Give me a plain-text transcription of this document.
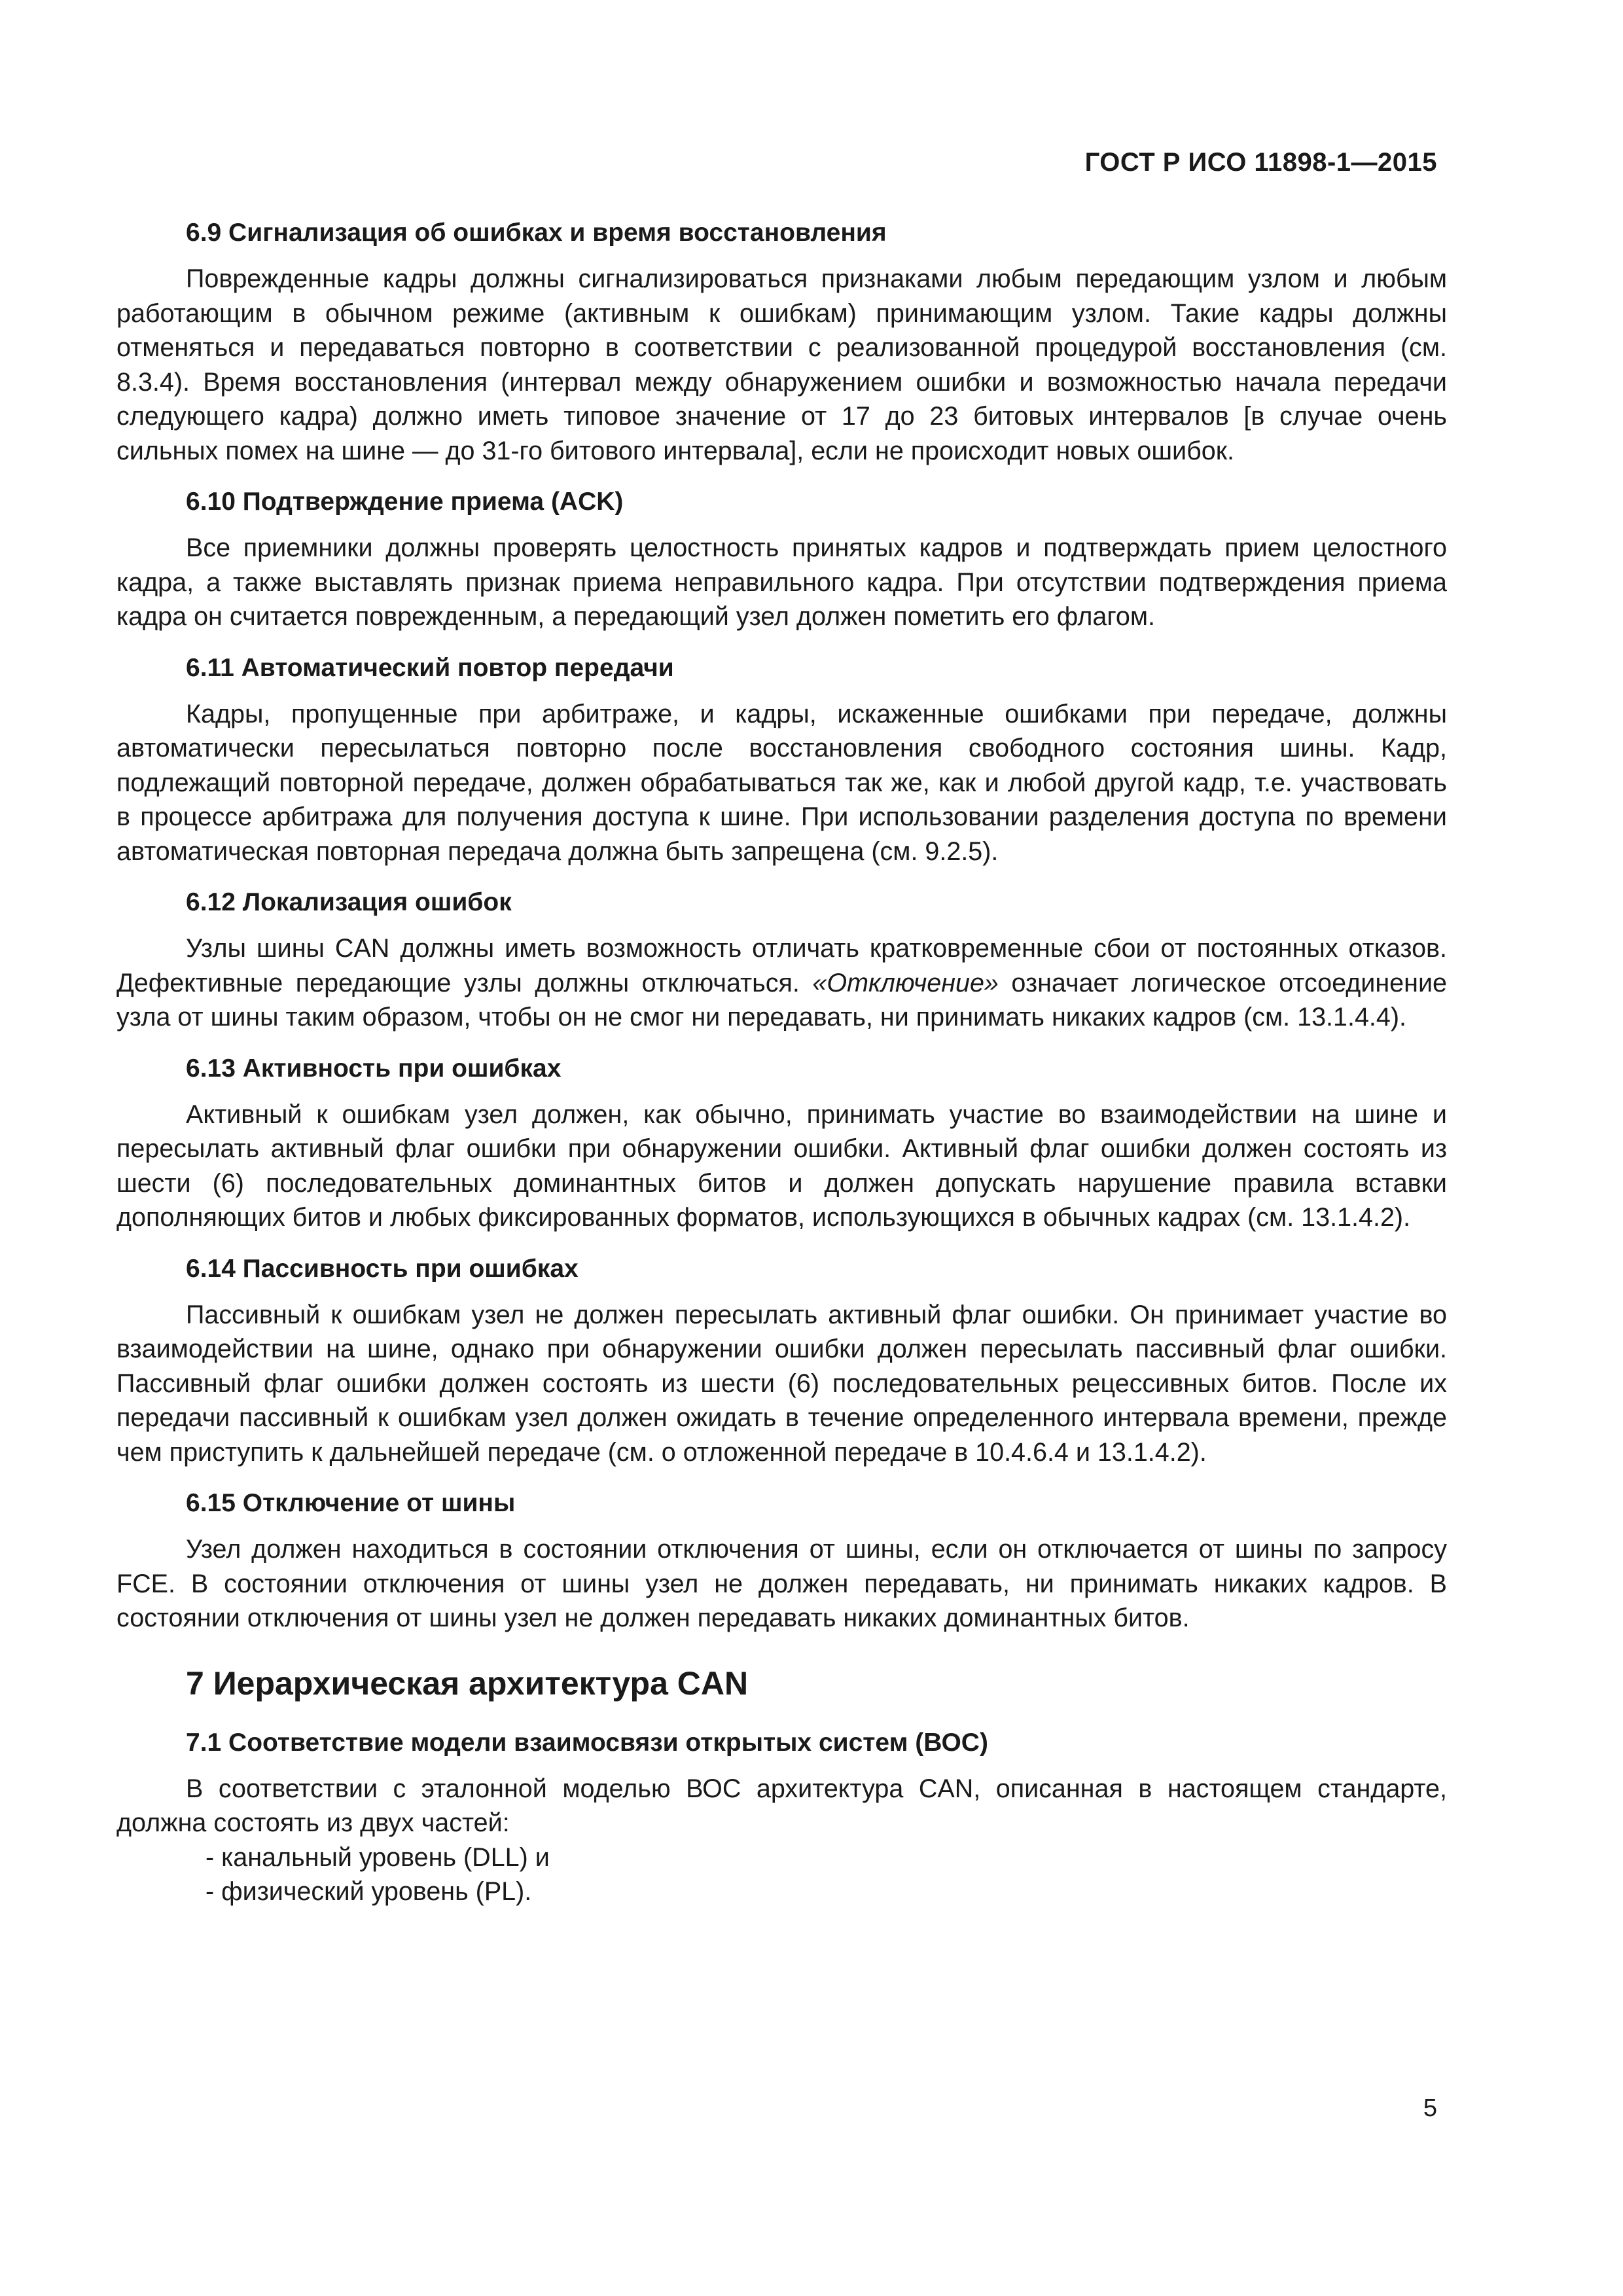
ГОСТ Р ИСО 11898-1—2015
6.9 Сигнализация об ошибках и время восстановления

Поврежденные кадры должны сигнализироваться признаками любым передающим узлом и любым работающим в обычном режиме (активным к ошибкам) принимающим узлом. Такие кадры должны отменяться и передаваться повторно в соответствии с реализованной процедурой восстановления (см. 8.3.4). Время восстановления (интервал между обнаружением ошибки и возможностью начала передачи следующего кадра) должно иметь типовое значение от 17 до 23 битовых интервалов [в случае очень сильных помех на шине — до 31-го битового интервала], если не происходит новых ошибок.

6.10 Подтверждение приема (ACK)

Все приемники должны проверять целостность принятых кадров и подтверждать прием целостного кадра, а также выставлять признак приема неправильного кадра. При отсутствии подтверждения приема кадра он считается поврежденным, а передающий узел должен пометить его флагом.

6.11 Автоматический повтор передачи

Кадры, пропущенные при арбитраже, и кадры, искаженные ошибками при передаче, должны автоматически пересылаться повторно после восстановления свободного состояния шины. Кадр, подлежащий повторной передаче, должен обрабатываться так же, как и любой другой кадр, т.е. участвовать в процессе арбитража для получения доступа к шине. При использовании разделения доступа по времени автоматическая повторная передача должна быть запрещена (см. 9.2.5).

6.12 Локализация ошибок

Узлы шины CAN должны иметь возможность отличать кратковременные сбои от постоянных отказов. Дефективные передающие узлы должны отключаться. «Отключение» означает логическое отсоединение узла от шины таким образом, чтобы он не смог ни передавать, ни принимать никаких кадров (см. 13.1.4.4).

6.13 Активность при ошибках

Активный к ошибкам узел должен, как обычно, принимать участие во взаимодействии на шине и пересылать активный флаг ошибки при обнаружении ошибки. Активный флаг ошибки должен состоять из шести (6) последовательных доминантных битов и должен допускать нарушение правила вставки дополняющих битов и любых фиксированных форматов, использующихся в обычных кадрах (см. 13.1.4.2).

6.14 Пассивность при ошибках

Пассивный к ошибкам узел не должен пересылать активный флаг ошибки. Он принимает участие во взаимодействии на шине, однако при обнаружении ошибки должен пересылать пассивный флаг ошибки. Пассивный флаг ошибки должен состоять из шести (6) последовательных рецессивных битов. После их передачи пассивный к ошибкам узел должен ожидать в течение определенного интервала времени, прежде чем приступить к дальнейшей передаче (см. о отложенной передаче в 10.4.6.4 и 13.1.4.2).

6.15 Отключение от шины

Узел должен находиться в состоянии отключения от шины, если он отключается от шины по запросу FCE. В состоянии отключения от шины узел не должен передавать, ни принимать никаких кадров. В состоянии отключения от шины узел не должен передавать никаких доминантных битов.

7 Иерархическая архитектура CAN
7.1 Соответствие модели взаимосвязи открытых систем (ВОС)

В соответствии с эталонной моделью ВОС архитектура CAN, описанная в настоящем стандарте, должна состоять из двух частей:

- канальный уровень (DLL) и
- физический уровень (PL).
5
